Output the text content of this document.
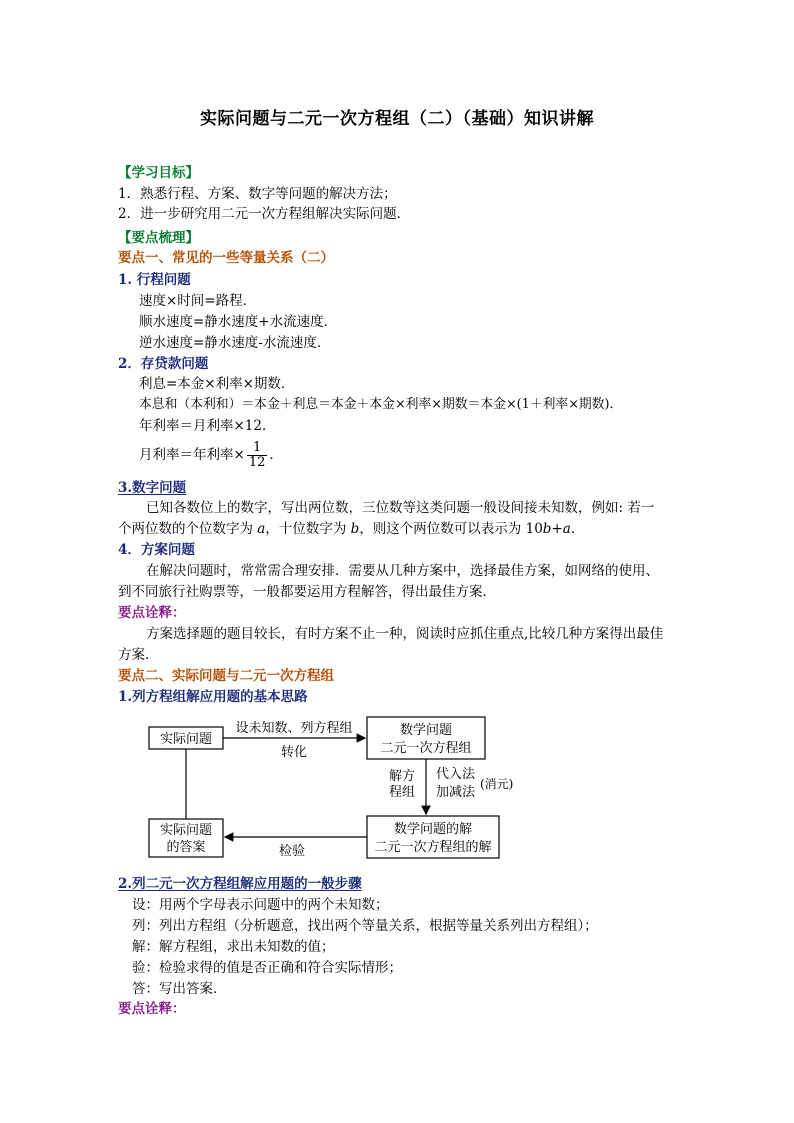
实际问题与二元一次方程组（二）（基础）知识讲解
【学习目标】
1．熟悉行程、方案、数字等问题的解决方法；
2．进一步研究用二元一次方程组解决实际问题．
【要点梳理】
要点一、常见的一些等量关系（二）
1. 行程问题
速度×时间=路程．
顺水速度=静水速度+水流速度．
逆水速度=静水速度-水流速度．
2．存贷款问题
利息=本金×利率×期数．
本息和（本利和）＝本金＋利息＝本金＋本金×利率×期数＝本金×(1＋利率×期数)．
年利率＝月利率×12．
月利率＝年利率× $\frac{1}{12}$ ．
3.数字问题
已知各数位上的数字，写出两位数，三位数等这类问题一般设间接未知数，例如: 若一
个两位数的个位数字为 a，十位数字为 b，则这个两位数可以表示为 10b+a．
4．方案问题
在解决问题时，常常需合理安排．需要从几种方案中，选择最佳方案，如网络的使用、
到不同旅行社购票等，一般都要运用方程解答，得出最佳方案．
要点诠释：
方案选择题的题目较长，有时方案不止一种，阅读时应抓住重点,比较几种方案得出最佳
方案．
要点二、实际问题与二元一次方程组
1.列方程组解应用题的基本思路
实际问题
数学问题
二元一次方程组
实际问题
的答案
数学问题的解
二元一次方程组的解
设未知数、列方程组
转化
解方
程组
代入法
加减法
(消元)
检验
2.列二元一次方程组解应用题的一般步骤
设：用两个字母表示问题中的两个未知数；
列：列出方程组（分析题意，找出两个等量关系，根据等量关系列出方程组）；
解：解方程组，求出未知数的值；
验：检验求得的值是否正确和符合实际情形；
答：写出答案．
要点诠释：
